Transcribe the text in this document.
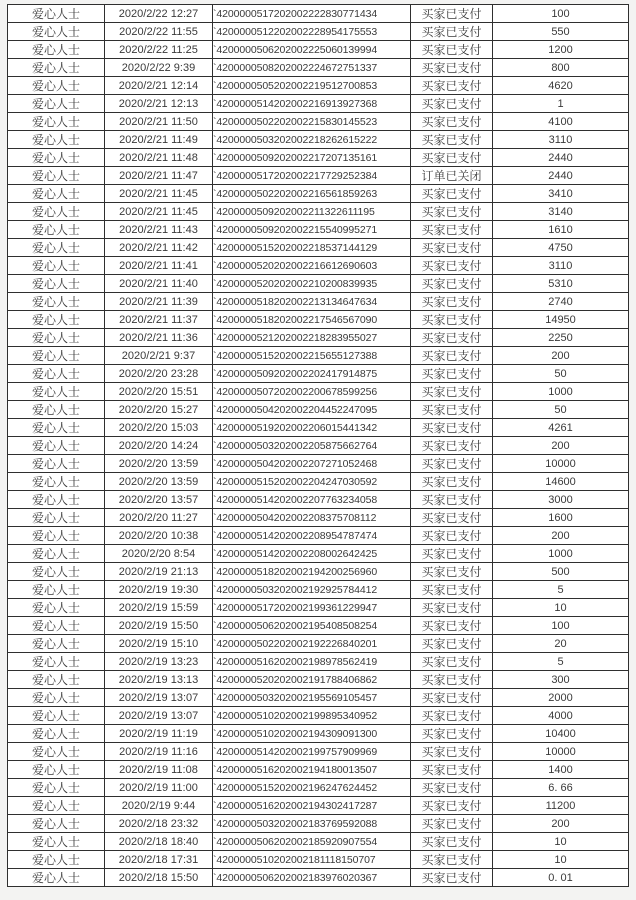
爱心人士	2020/2/22 12:27	`4200000517202002222830771434	买家已支付	100
爱心人士	2020/2/22 11:55	`4200000512202002228954175553	买家已支付	550
爱心人士	2020/2/22 11:25	`4200000506202002225060139994	买家已支付	1200
爱心人士	2020/2/22 9:39	`4200000508202002224672751337	买家已支付	800
爱心人士	2020/2/21 12:14	`4200000505202002219512700853	买家已支付	4620
爱心人士	2020/2/21 12:13	`4200000514202002216913927368	买家已支付	1
爱心人士	2020/2/21 11:50	`4200000502202002215830145523	买家已支付	4100
爱心人士	2020/2/21 11:49	`4200000503202002218262615222	买家已支付	3110
爱心人士	2020/2/21 11:48	`4200000509202002217207135161	买家已支付	2440
爱心人士	2020/2/21 11:47	`4200000517202002217729252384	订单已关闭	2440
爱心人士	2020/2/21 11:45	`4200000502202002216561859263	买家已支付	3410
爱心人士	2020/2/21 11:45	`4200000509202002211322611195	买家已支付	3140
爱心人士	2020/2/21 11:43	`4200000509202002215540995271	买家已支付	1610
爱心人士	2020/2/21 11:42	`4200000515202002218537144129	买家已支付	4750
爱心人士	2020/2/21 11:41	`4200000520202002216612690603	买家已支付	3110
爱心人士	2020/2/21 11:40	`4200000520202002210200839935	买家已支付	5310
爱心人士	2020/2/21 11:39	`4200000518202002213134647634	买家已支付	2740
爱心人士	2020/2/21 11:37	`4200000518202002217546567090	买家已支付	14950
爱心人士	2020/2/21 11:36	`4200000521202002218283955027	买家已支付	2250
爱心人士	2020/2/21 9:37	`4200000515202002215655127388	买家已支付	200
爱心人士	2020/2/20 23:28	`4200000509202002202417914875	买家已支付	50
爱心人士	2020/2/20 15:51	`4200000507202002200678599256	买家已支付	1000
爱心人士	2020/2/20 15:27	`4200000504202002204452247095	买家已支付	50
爱心人士	2020/2/20 15:03	`4200000519202002206015441342	买家已支付	4261
爱心人士	2020/2/20 14:24	`4200000503202002205875662764	买家已支付	200
爱心人士	2020/2/20 13:59	`4200000504202002207271052468	买家已支付	10000
爱心人士	2020/2/20 13:59	`4200000515202002204247030592	买家已支付	14600
爱心人士	2020/2/20 13:57	`4200000514202002207763234058	买家已支付	3000
爱心人士	2020/2/20 11:27	`4200000504202002208375708112	买家已支付	1600
爱心人士	2020/2/20 10:38	`4200000514202002208954787474	买家已支付	200
爱心人士	2020/2/20 8:54	`4200000514202002208002642425	买家已支付	1000
爱心人士	2020/2/19 21:13	`4200000518202002194200256960	买家已支付	500
爱心人士	2020/2/19 19:30	`4200000503202002192925784412	买家已支付	5
爱心人士	2020/2/19 15:59	`4200000517202002199361229947	买家已支付	10
爱心人士	2020/2/19 15:50	`4200000506202002195408508254	买家已支付	100
爱心人士	2020/2/19 15:10	`4200000502202002192226840201	买家已支付	20
爱心人士	2020/2/19 13:23	`4200000516202002198978562419	买家已支付	5
爱心人士	2020/2/19 13:13	`4200000520202002191788406862	买家已支付	300
爱心人士	2020/2/19 13:07	`4200000503202002195569105457	买家已支付	2000
爱心人士	2020/2/19 13:07	`4200000510202002199895340952	买家已支付	4000
爱心人士	2020/2/19 11:19	`4200000510202002194309091300	买家已支付	10400
爱心人士	2020/2/19 11:16	`4200000514202002199757909969	买家已支付	10000
爱心人士	2020/2/19 11:08	`4200000516202002194180013507	买家已支付	1400
爱心人士	2020/2/19 11:00	`4200000515202002196247624452	买家已支付	6. 66
爱心人士	2020/2/19 9:44	`4200000516202002194302417287	买家已支付	11200
爱心人士	2020/2/18 23:32	`4200000503202002183769592088	买家已支付	200
爱心人士	2020/2/18 18:40	`4200000506202002185920907554	买家已支付	10
爱心人士	2020/2/18 17:31	`4200000510202002181118150707	买家已支付	10
爱心人士	2020/2/18 15:50	`4200000506202002183976020367	买家已支付	0. 01
